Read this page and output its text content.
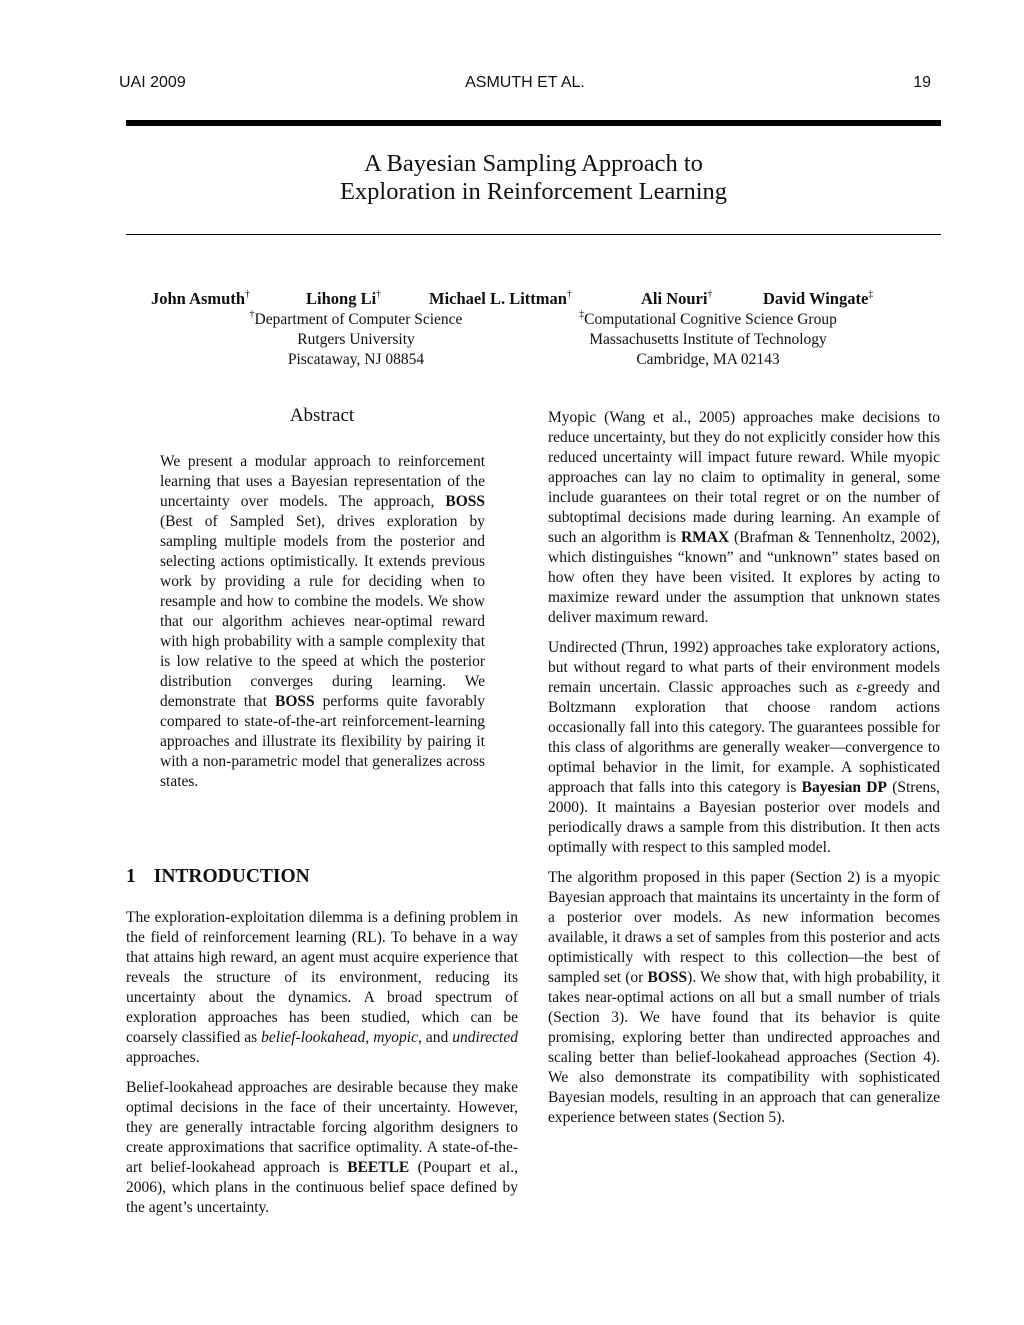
UAI 2009	ASMUTH ET AL.	19
A Bayesian Sampling Approach to
Exploration in Reinforcement Learning
John Asmuth†	Lihong Li†	Michael L. Littman†	Ali Nouri†	David Wingate‡
†Department of Computer Science
Rutgers University
Piscataway, NJ 08854
‡Computational Cognitive Science Group
Massachusetts Institute of Technology
Cambridge, MA 02143
Abstract

We present a modular approach to reinforcement learning that uses a Bayesian representation of the uncertainty over models. The approach, BOSS (Best of Sampled Set), drives exploration by sampling multiple models from the posterior and selecting actions optimistically. It extends previous work by providing a rule for deciding when to resample and how to combine the models. We show that our algorithm achieves near-optimal reward with high probability with a sample complexity that is low relative to the speed at which the posterior distribution converges during learning. We demonstrate that BOSS performs quite favorably compared to state-of-the-art reinforcement-learning approaches and illustrate its flexibility by pairing it with a non-parametric model that generalizes across states.

1 INTRODUCTION

The exploration-exploitation dilemma is a defining problem in the field of reinforcement learning (RL). To behave in a way that attains high reward, an agent must acquire experience that reveals the structure of its environment, reducing its uncertainty about the dynamics. A broad spectrum of exploration approaches has been studied, which can be coarsely classified as belief-lookahead, myopic, and undirected approaches.

Belief-lookahead approaches are desirable because they make optimal decisions in the face of their uncertainty. However, they are generally intractable forcing algorithm designers to create approximations that sacrifice optimality. A state-of-the-art belief-lookahead approach is BEETLE (Poupart et al., 2006), which plans in the continuous belief space defined by the agent’s uncertainty.

Myopic (Wang et al., 2005) approaches make decisions to reduce uncertainty, but they do not explicitly consider how this reduced uncertainty will impact future reward. While myopic approaches can lay no claim to optimality in general, some include guarantees on their total regret or on the number of subtoptimal decisions made during learning. An example of such an algorithm is RMAX (Brafman & Tennenholtz, 2002), which distinguishes “known” and “unknown” states based on how often they have been visited. It explores by acting to maximize reward under the assumption that unknown states deliver maximum reward.

Undirected (Thrun, 1992) approaches take exploratory actions, but without regard to what parts of their environment models remain uncertain. Classic approaches such as ε-greedy and Boltzmann exploration that choose random actions occasionally fall into this category. The guarantees possible for this class of algorithms are generally weaker—convergence to optimal behavior in the limit, for example. A sophisticated approach that falls into this category is Bayesian DP (Strens, 2000). It maintains a Bayesian posterior over models and periodically draws a sample from this distribution. It then acts optimally with respect to this sampled model.

The algorithm proposed in this paper (Section 2) is a myopic Bayesian approach that maintains its uncertainty in the form of a posterior over models. As new information becomes available, it draws a set of samples from this posterior and acts optimistically with respect to this collection—the best of sampled set (or BOSS). We show that, with high probability, it takes near-optimal actions on all but a small number of trials (Section 3). We have found that its behavior is quite promising, exploring better than undirected approaches and scaling better than belief-lookahead approaches (Section 4). We also demonstrate its compatibility with sophisticated Bayesian models, resulting in an approach that can generalize experience between states (Section 5).
